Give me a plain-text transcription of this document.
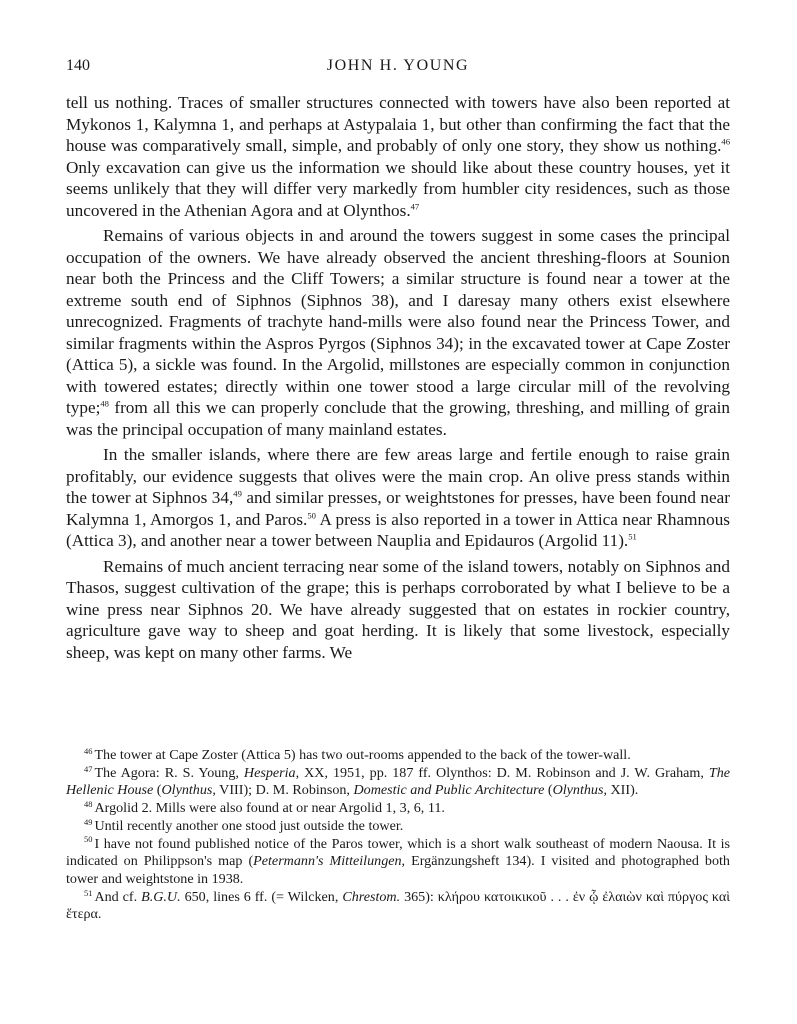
140	JOHN H. YOUNG

tell us nothing. Traces of smaller structures connected with towers have also been reported at Mykonos 1, Kalymna 1, and perhaps at Astypalaia 1, but other than confirming the fact that the house was comparatively small, simple, and probably of only one story, they show us nothing.$^{46}$ Only excavation can give us the information we should like about these country houses, yet it seems unlikely that they will differ very markedly from humbler city residences, such as those uncovered in the Athenian Agora and at Olynthos.$^{47}$

Remains of various objects in and around the towers suggest in some cases the principal occupation of the owners. We have already observed the ancient threshing-floors at Sounion near both the Princess and the Cliff Towers; a similar structure is found near a tower at the extreme south end of Siphnos (Siphnos 38), and I daresay many others exist elsewhere unrecognized. Fragments of trachyte hand-mills were also found near the Princess Tower, and similar fragments within the Aspros Pyrgos (Siphnos 34); in the excavated tower at Cape Zoster (Attica 5), a sickle was found. In the Argolid, millstones are especially common in conjunction with towered estates; directly within one tower stood a large circular mill of the revolving type;$^{48}$ from all this we can properly conclude that the growing, threshing, and milling of grain was the principal occupation of many mainland estates.

In the smaller islands, where there are few areas large and fertile enough to raise grain profitably, our evidence suggests that olives were the main crop. An olive press stands within the tower at Siphnos 34,49 and similar presses, or weightstones for presses, have been found near Kalymna 1, Amorgos 1, and Paros.$^{50}$ A press is also reported in a tower in Attica near Rhamnous (Attica 3), and another near a tower between Nauplia and Epidauros (Argolid 11).$^{51}$

Remains of much ancient terracing near some of the island towers, notably on Siphnos and Thasos, suggest cultivation of the grape; this is perhaps corroborated by what I believe to be a wine press near Siphnos 20. We have already suggested that on estates in rockier country, agriculture gave way to sheep and goat herding. It is likely that some livestock, especially sheep, was kept on many other farms. We

$^{46}$ The tower at Cape Zoster (Attica 5) has two out-rooms appended to the back of the tower-wall.

$^{47}$ The Agora: R. S. Young, Hesperia, XX, 1951, pp. 187 ff. Olynthos: D. M. Robinson and J. W. Graham, The Hellenic House (Olynthus, VIII); D. M. Robinson, Domestic and Public Architecture (Olynthus, XII).

$^{48}$ Argolid 2. Mills were also found at or near Argolid 1, 3, 6, 11.

$^{49}$ Until recently another one stood just outside the tower.

$^{50}$ I have not found published notice of the Paros tower, which is a short walk southeast of modern Naousa. It is indicated on Philippson's map (Petermann's Mitteilungen, Ergänzungsheft 134). I visited and photographed both tower and weightstone in 1938.

$^{51}$ And cf. B.G.U. 650, lines 6 ff. (= Wilcken, Chrestom. 365): κλήρου κατοικικοῦ . . . ἐν ᾧ ἐλαιὼν καὶ πύργος καὶ ἕτερα.
